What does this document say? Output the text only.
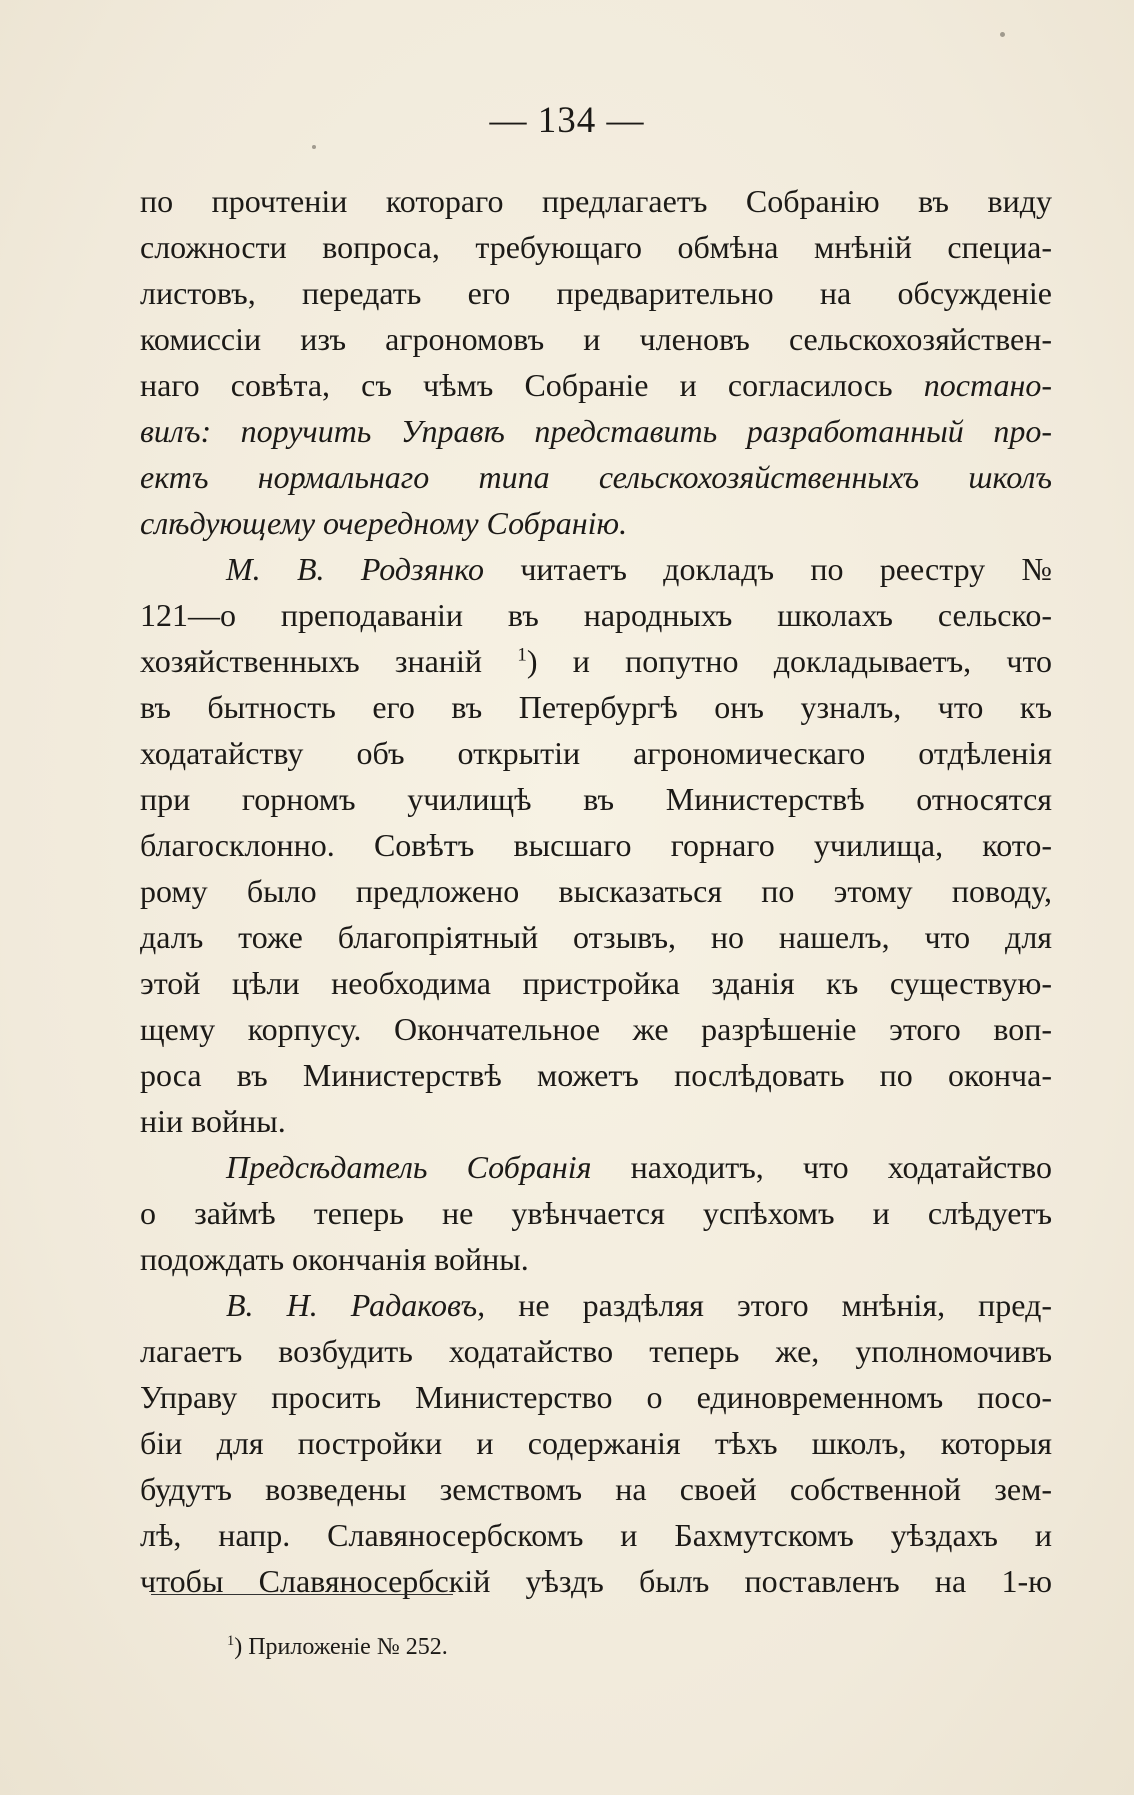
— 134 —
по прочтеніи котораго предлагаетъ Собранію въ виду
сложности вопроса, требующаго обмѣна мнѣній специа-
листовъ, передать его предварительно на обсужденіе
комиссіи изъ агрономовъ и членовъ сельскохозяйствен-
наго совѣта, съ чѣмъ Собраніе и согласилось постано-
вилъ: поручить Управѣ представить разработанный про-
ектъ нормальнаго типа сельскохозяйственныхъ школъ
слѣдующему очередному Собранію.
М. В. Родзянко читаетъ докладъ по реестру №
121—о преподаваніи въ народныхъ школахъ сельско-
хозяйственныхъ знаній $^1$) и попутно докладываетъ, что
въ бытность его въ Петербургѣ онъ узналъ, что къ
ходатайству объ открытіи агрономическаго отдѣленія
при горномъ училищѣ въ Министерствѣ относятся
благосклонно. Совѣтъ высшаго горнаго училища, кото-
рому было предложено высказаться по этому поводу,
далъ тоже благопріятный отзывъ, но нашелъ, что для
этой цѣли необходима пристройка зданія къ существую-
щему корпусу. Окончательное же разрѣшеніе этого воп-
роса въ Министерствѣ можетъ послѣдовать по оконча-
ніи войны.
Предсѣдатель Собранія находитъ, что ходатайство
о займѣ теперь не увѣнчается успѣхомъ и слѣдуетъ
подождать окончанія войны.
В. Н. Радаковъ, не раздѣляя этого мнѣнія, пред-
лагаетъ возбудить ходатайство теперь же, уполномочивъ
Управу просить Министерство о единовременномъ посо-
біи для постройки и содержанія тѣхъ школъ, которыя
будутъ возведены земствомъ на своей собственной зем-
лѣ, напр. Славяносербскомъ и Бахмутскомъ уѣздахъ и
чтобы Славяносербскій уѣздъ былъ поставленъ на 1-ю
$^1$) Приложеніе № 252.
